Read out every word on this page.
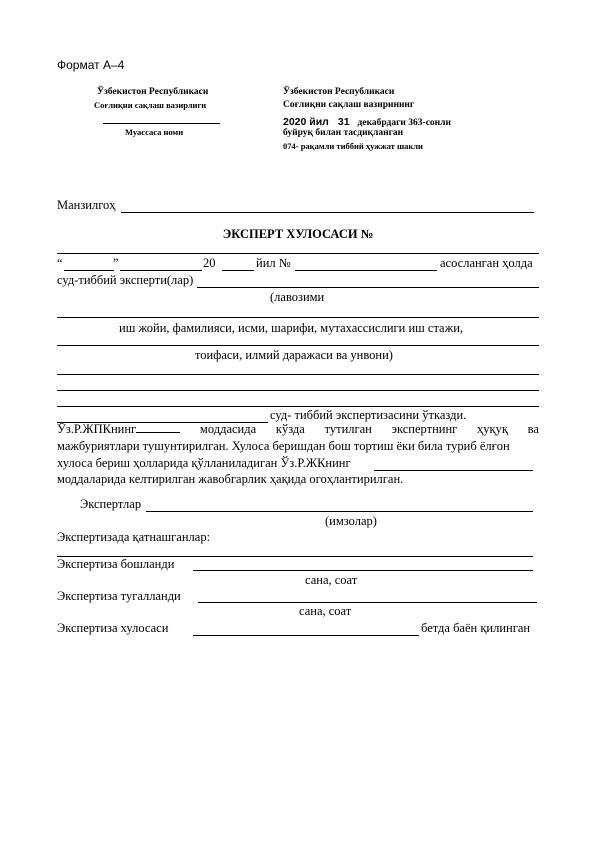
Формат А–4
Ўзбекистон Республикаси
Соғлиқни сақлаш вазирлиги
Муассаса номи
Ўзбекистон Республикаси
Соғлиқни сақлаш вазирининг
2020 йил 31 декабрдаги 363-сонли
буйруқ билан тасдиқланган
074- рақамли тиббий ҳужжат шакли
Манзилгоҳ
ЭКСПЕРТ ХУЛОСАСИ №
“	”	20	йил №	асосланган ҳолда
суд-тиббий эксперти(лар)
(лавозими
иш жойи, фамилияси, исми, шарифи, мутахассислиги иш стажи,
тоифаси, илмий даражаси ва унвони)
суд- тиббий экспертизасини ўтказди.
Ўз.Р.ЖПКнинг	моддасида кўзда тутилган экспертнинг ҳуқуқ ва
мажбуриятлари тушунтирилган. Хулоса беришдан бош тортиш ёки била туриб ёлғон
хулоса бериш ҳолларида қўлланиладиган Ўз.Р.ЖКнинг
моддаларида келтирилган жавобгарлик ҳақида огоҳлантирилган.
Экспертлар
(имзолар)
Экспертизада қатнашганлар:
Экспертиза бошланди
сана, соат
Экспертиза тугалланди
сана, соат
Экспертиза хулосаси	бетда баён қилинган
